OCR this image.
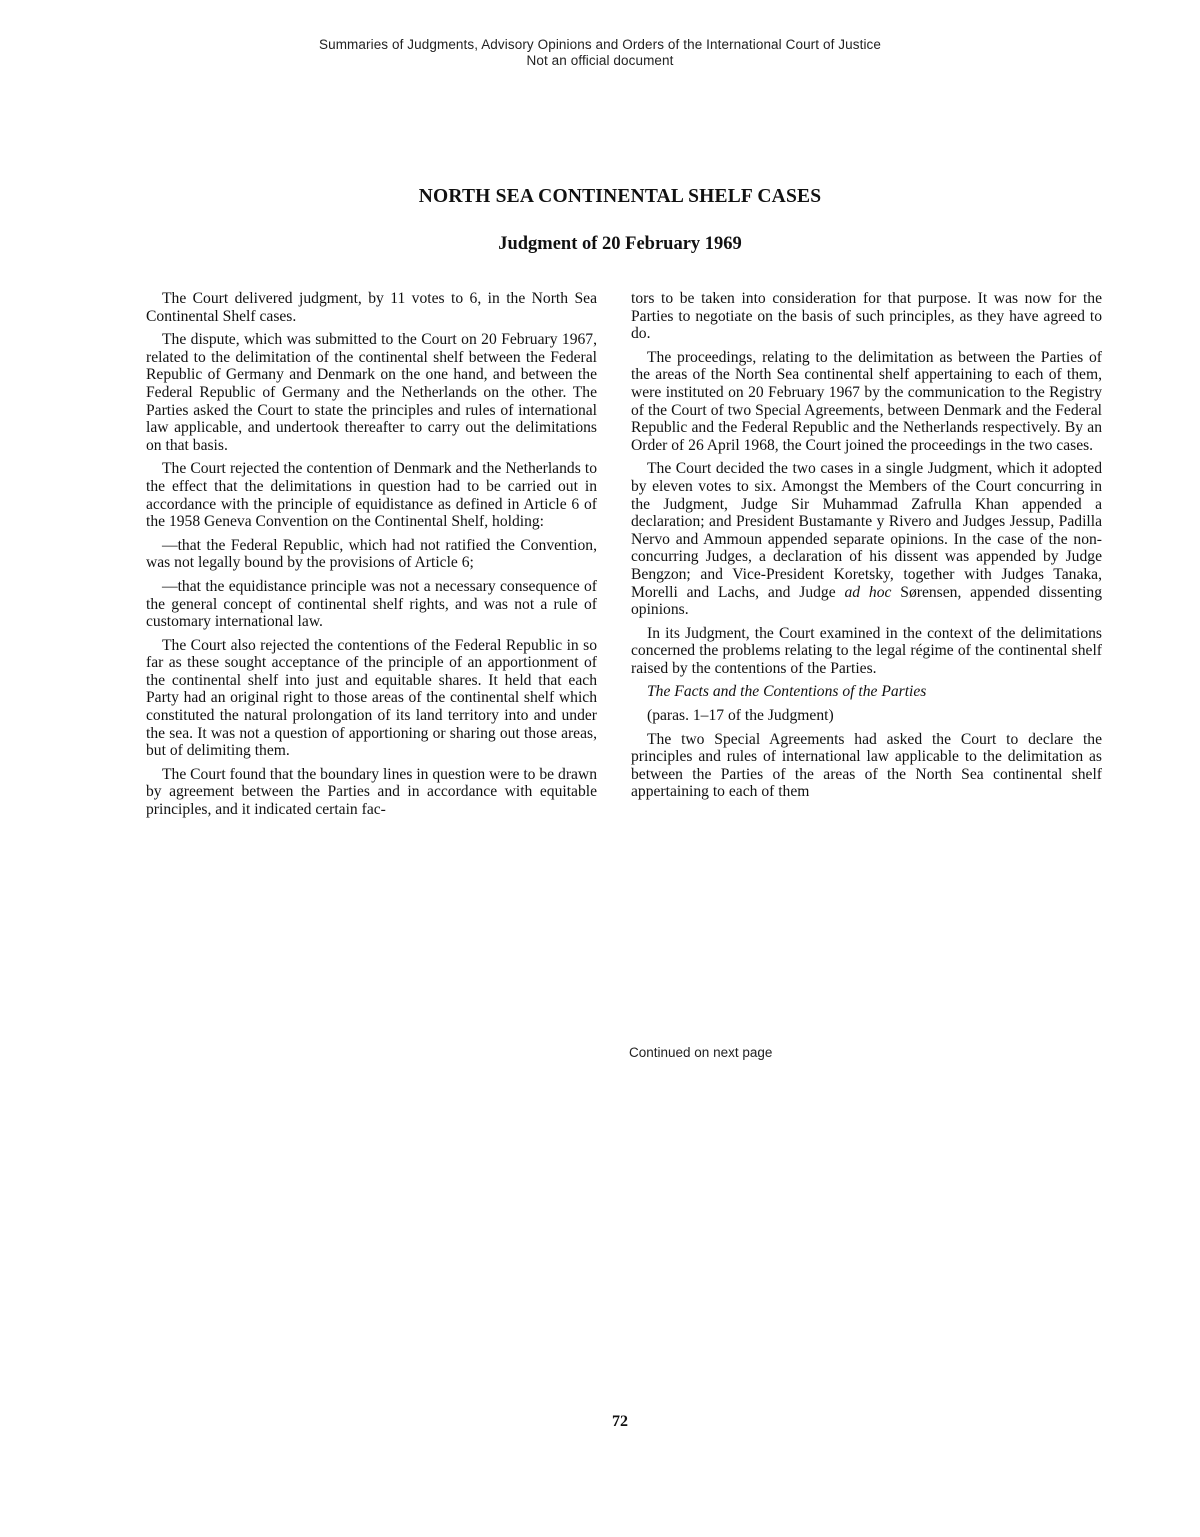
Summaries of Judgments, Advisory Opinions and Orders of the International Court of Justice
Not an official document
NORTH SEA CONTINENTAL SHELF CASES
Judgment of 20 February 1969

The Court delivered judgment, by 11 votes to 6, in the North Sea Continental Shelf cases.

The dispute, which was submitted to the Court on 20 February 1967, related to the delimitation of the continental shelf between the Federal Republic of Germany and Denmark on the one hand, and between the Federal Republic of Germany and the Netherlands on the other. The Parties asked the Court to state the principles and rules of international law applicable, and undertook thereafter to carry out the delimitations on that basis.

The Court rejected the contention of Denmark and the Netherlands to the effect that the delimitations in question had to be carried out in accordance with the principle of equidistance as defined in Article 6 of the 1958 Geneva Convention on the Continental Shelf, holding:

—that the Federal Republic, which had not ratified the Convention, was not legally bound by the provisions of Article 6;

—that the equidistance principle was not a necessary consequence of the general concept of continental shelf rights, and was not a rule of customary international law.

The Court also rejected the contentions of the Federal Republic in so far as these sought acceptance of the principle of an apportionment of the continental shelf into just and equitable shares. It held that each Party had an original right to those areas of the continental shelf which constituted the natural prolongation of its land territory into and under the sea. It was not a question of apportioning or sharing out those areas, but of delimiting them.

The Court found that the boundary lines in question were to be drawn by agreement between the Parties and in accordance with equitable principles, and it indicated certain fac-

tors to be taken into consideration for that purpose. It was now for the Parties to negotiate on the basis of such principles, as they have agreed to do.

The proceedings, relating to the delimitation as between the Parties of the areas of the North Sea continental shelf appertaining to each of them, were instituted on 20 February 1967 by the communication to the Registry of the Court of two Special Agreements, between Denmark and the Federal Republic and the Federal Republic and the Netherlands respectively. By an Order of 26 April 1968, the Court joined the proceedings in the two cases.

The Court decided the two cases in a single Judgment, which it adopted by eleven votes to six. Amongst the Members of the Court concurring in the Judgment, Judge Sir Muhammad Zafrulla Khan appended a declaration; and President Bustamante y Rivero and Judges Jessup, Padilla Nervo and Ammoun appended separate opinions. In the case of the non-concurring Judges, a declaration of his dissent was appended by Judge Bengzon; and Vice-President Koretsky, together with Judges Tanaka, Morelli and Lachs, and Judge ad hoc Sørensen, appended dissenting opinions.

In its Judgment, the Court examined in the context of the delimitations concerned the problems relating to the legal régime of the continental shelf raised by the contentions of the Parties.

The Facts and the Contentions of the Parties

(paras. 1–17 of the Judgment)

The two Special Agreements had asked the Court to declare the principles and rules of international law applicable to the delimitation as between the Parties of the areas of the North Sea continental shelf appertaining to each of them

Continued on next page
72
